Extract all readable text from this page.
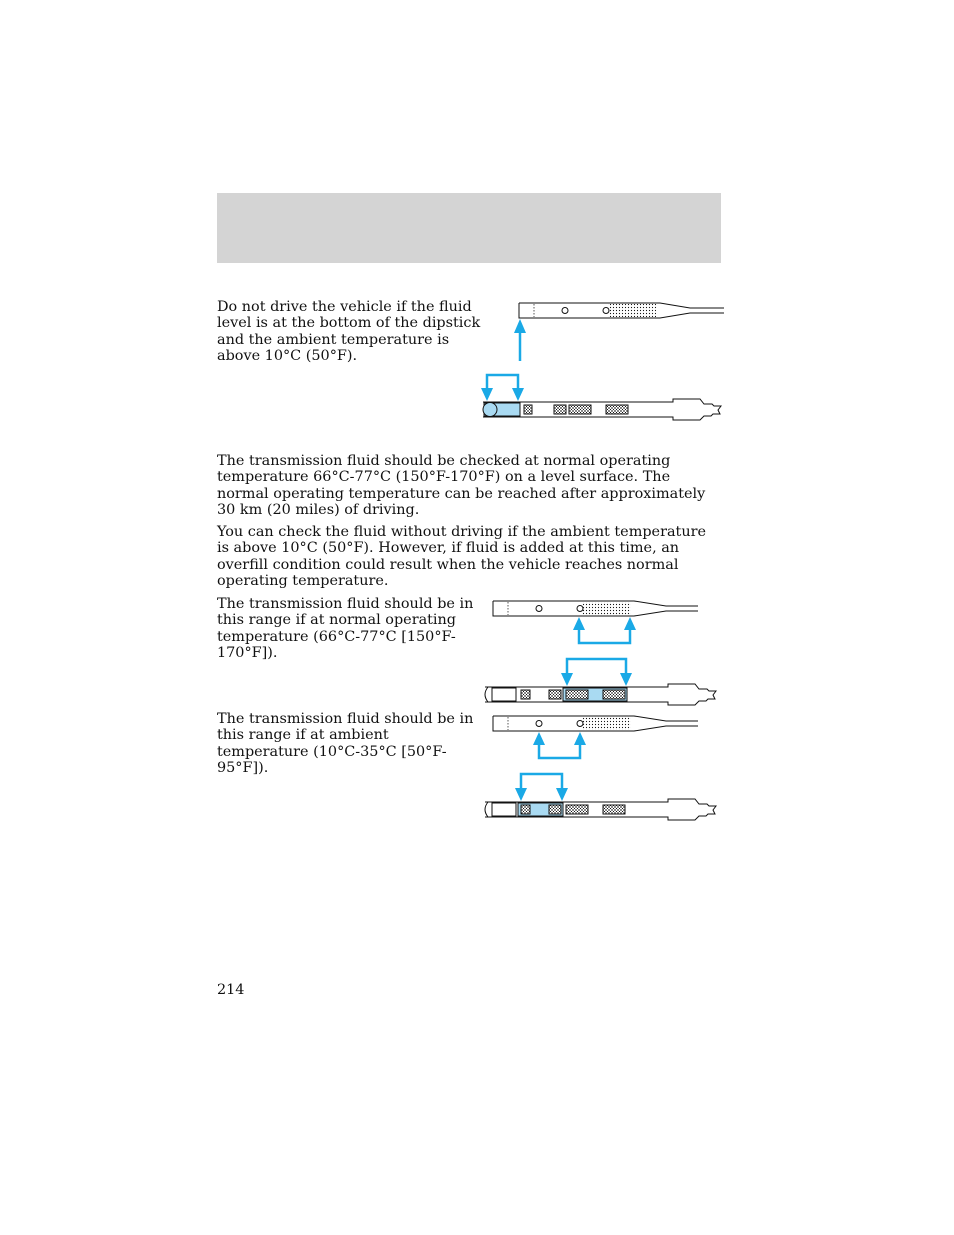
Do not drive the vehicle if the fluid level is at the bottom of the dipstick and the ambient temperature is above 10°C (50°F).

The transmission fluid should be checked at normal operating temperature 66°C-77°C (150°F-170°F) on a level surface. The normal operating temperature can be reached after approximately 30 km (20 miles) of driving.

You can check the fluid without driving if the ambient temperature is above 10°C (50°F). However, if fluid is added at this time, an overfill condition could result when the vehicle reaches normal operating temperature.

The transmission fluid should be in this range if at normal operating temperature (66°C-77°C [150°F-170°F]).

The transmission fluid should be in this range if at ambient temperature (10°C-35°C [50°F-95°F]).

214
